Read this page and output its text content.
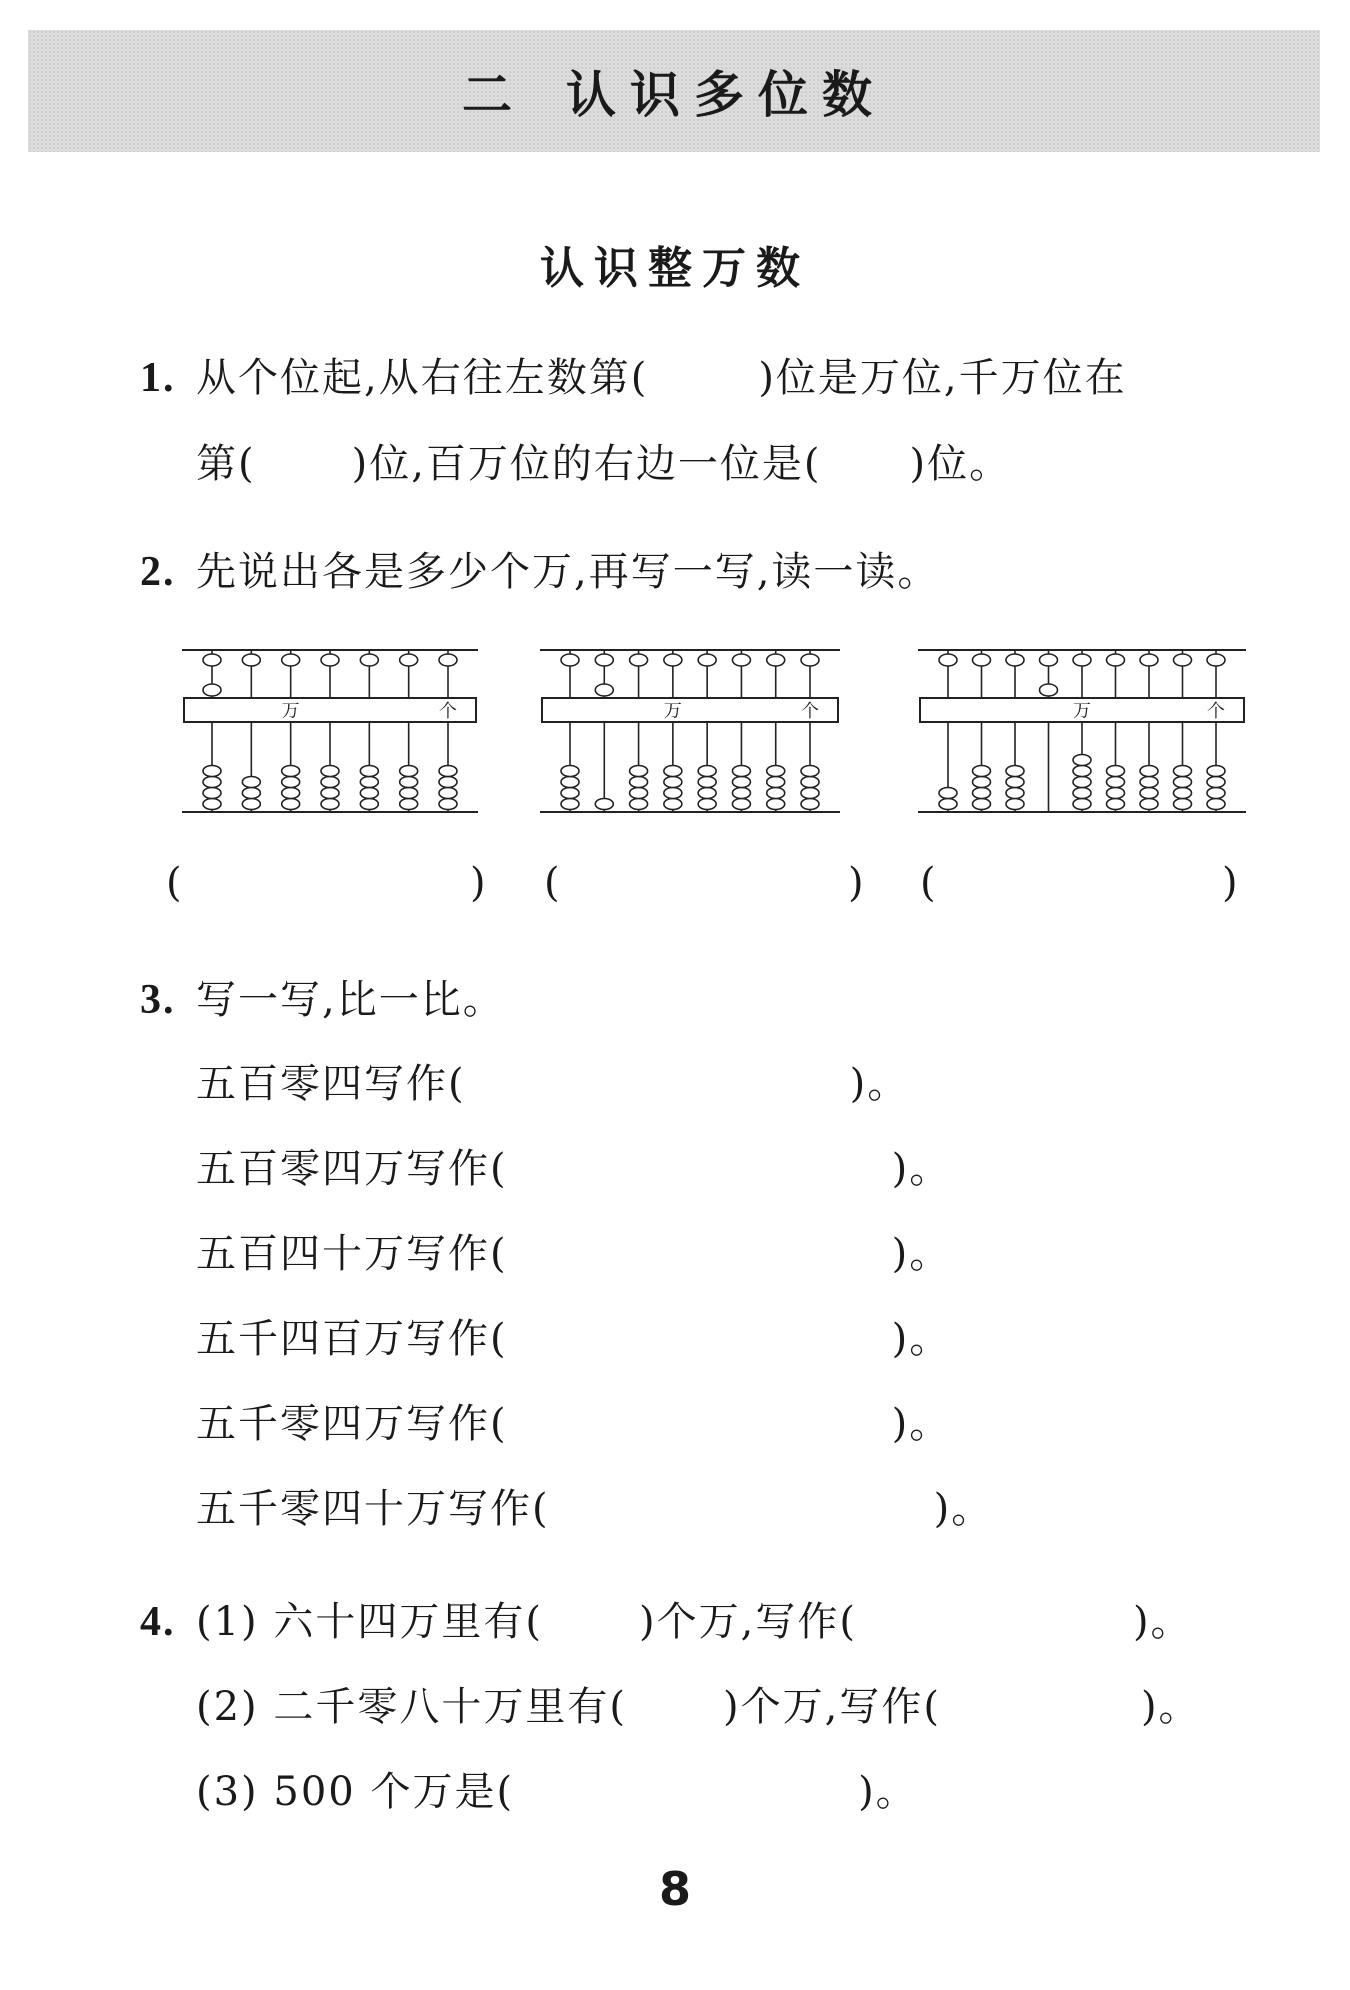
二 认识多位数
认识整万数
1. 从个位起,从右往左数第(	)位是万位,千万位在
第( )位,百万位的右边一位是( )位。
2. 先说出各是多少个万,再写一写,读一读。
万	个	万	个	万	个
(	) (	) (	)
3. 写一写,比一比。
五百零四写作(	)。
五百零四万写作(	)。
五百四十万写作(	)。
五千四百万写作(	)。
五千零四万写作(	)。
五千零四十万写作(	)。
4. (1) 六十四万里有( )个万,写作(	)。
(2) 二千零八十万里有( )个万,写作(	)。
(3) 500 个万是(	)。
8
